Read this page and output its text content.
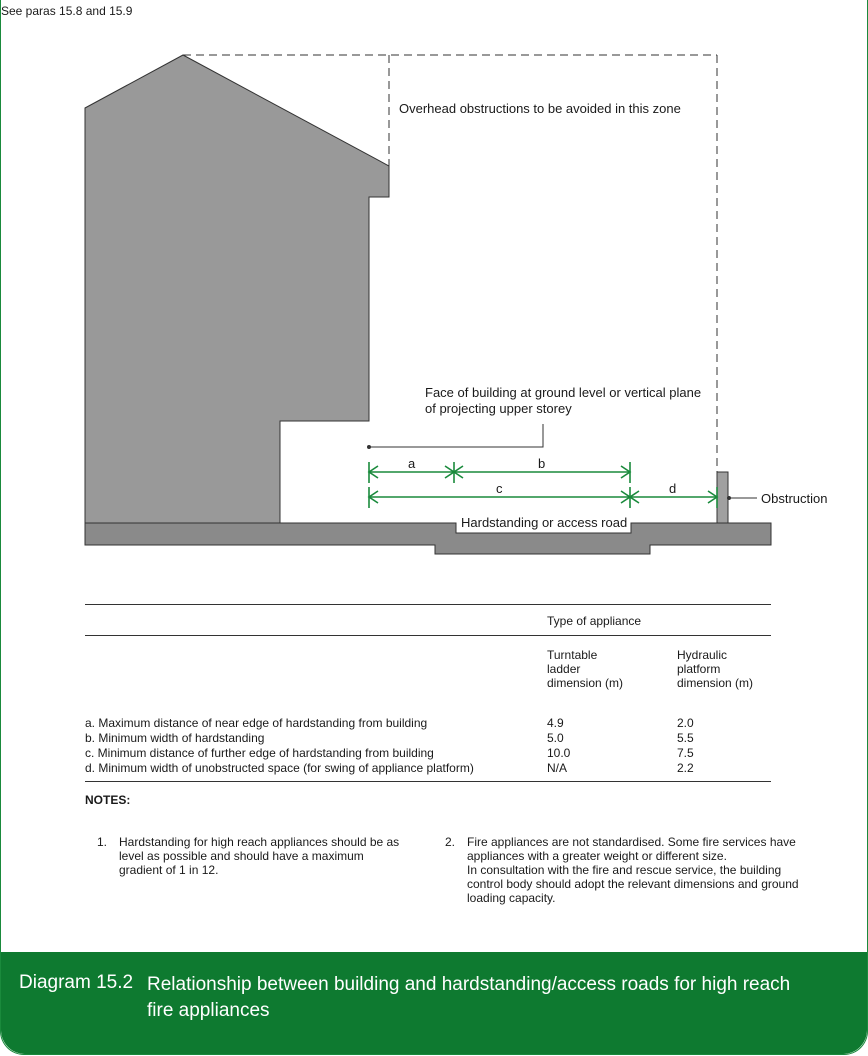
See paras 15.8 and 15.9
Overhead obstructions to be avoided in this zone
Face of building at ground level or vertical plane
of projecting upper storey
Hardstanding or access road
Obstruction
a	b
c	d
Type of appliance
Turntable
ladder
dimension (m)
Hydraulic
platform
dimension (m)
a. Maximum distance of near edge of hardstanding from building	4.9	2.0
b. Minimum width of hardstanding	5.0	5.5
c. Minimum distance of further edge of hardstanding from building	10.0	7.5
d. Minimum width of unobstructed space (for swing of appliance platform)	N/A	2.2
NOTES:
1. Hardstanding for high reach appliances should be as
level as possible and should have a maximum
gradient of 1 in 12.
2. Fire appliances are not standardised. Some fire services have
appliances with a greater weight or different size.
In consultation with the fire and rescue service, the building
control body should adopt the relevant dimensions and ground
loading capacity.
Diagram 15.2 Relationship between building and hardstanding/access roads for high reach
fire appliances
